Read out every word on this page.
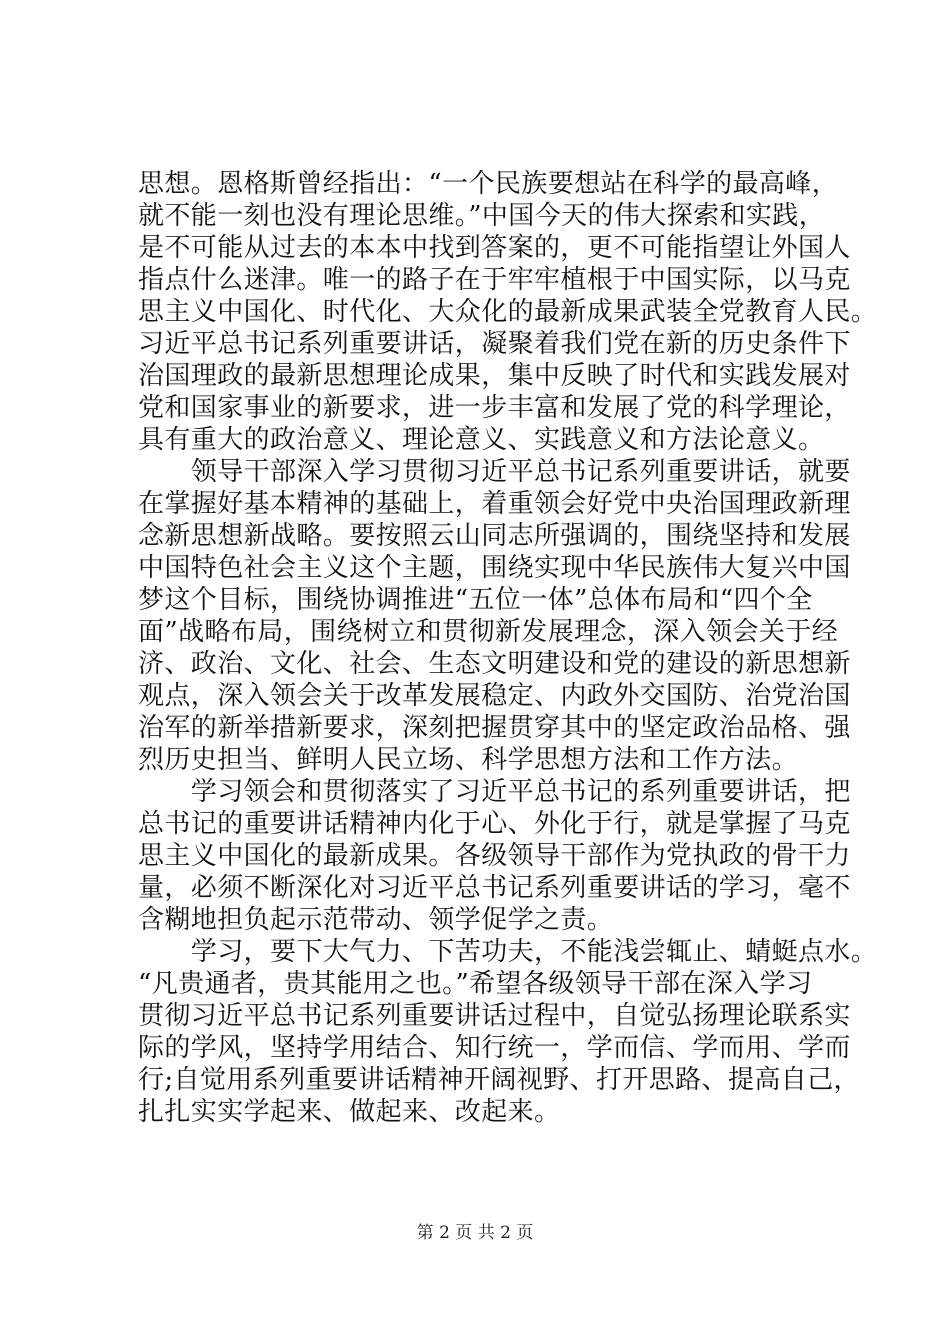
思想。恩格斯曾经指出：“一个民族要想站在科学的最高峰，
就不能一刻也没有理论思维。”中国今天的伟大探索和实践，
是不可能从过去的本本中找到答案的，更不可能指望让外国人
指点什么迷津。唯一的路子在于牢牢植根于中国实际，以马克
思主义中国化、时代化、大众化的最新成果武装全党教育人民。
习近平总书记系列重要讲话，凝聚着我们党在新的历史条件下
治国理政的最新思想理论成果，集中反映了时代和实践发展对
党和国家事业的新要求，进一步丰富和发展了党的科学理论，
具有重大的政治意义、理论意义、实践意义和方法论意义。
　　领导干部深入学习贯彻习近平总书记系列重要讲话，就要
在掌握好基本精神的基础上，着重领会好党中央治国理政新理
念新思想新战略。要按照云山同志所强调的，围绕坚持和发展
中国特色社会主义这个主题，围绕实现中华民族伟大复兴中国
梦这个目标，围绕协调推进“五位一体”总体布局和“四个全
面”战略布局，围绕树立和贯彻新发展理念，深入领会关于经
济、政治、文化、社会、生态文明建设和党的建设的新思想新
观点，深入领会关于改革发展稳定、内政外交国防、治党治国
治军的新举措新要求，深刻把握贯穿其中的坚定政治品格、强
烈历史担当、鲜明人民立场、科学思想方法和工作方法。
　　学习领会和贯彻落实了习近平总书记的系列重要讲话，把
总书记的重要讲话精神内化于心、外化于行，就是掌握了马克
思主义中国化的最新成果。各级领导干部作为党执政的骨干力
量，必须不断深化对习近平总书记系列重要讲话的学习，毫不
含糊地担负起示范带动、领学促学之责。
　　学习，要下大气力、下苦功夫，不能浅尝辄止、蜻蜓点水。
“凡贵通者，贵其能用之也。”希望各级领导干部在深入学习
贯彻习近平总书记系列重要讲话过程中，自觉弘扬理论联系实
际的学风，坚持学用结合、知行统一，学而信、学而用、学而
行;自觉用系列重要讲话精神开阔视野、打开思路、提高自己，
扎扎实实学起来、做起来、改起来。
第 2 页 共 2 页
